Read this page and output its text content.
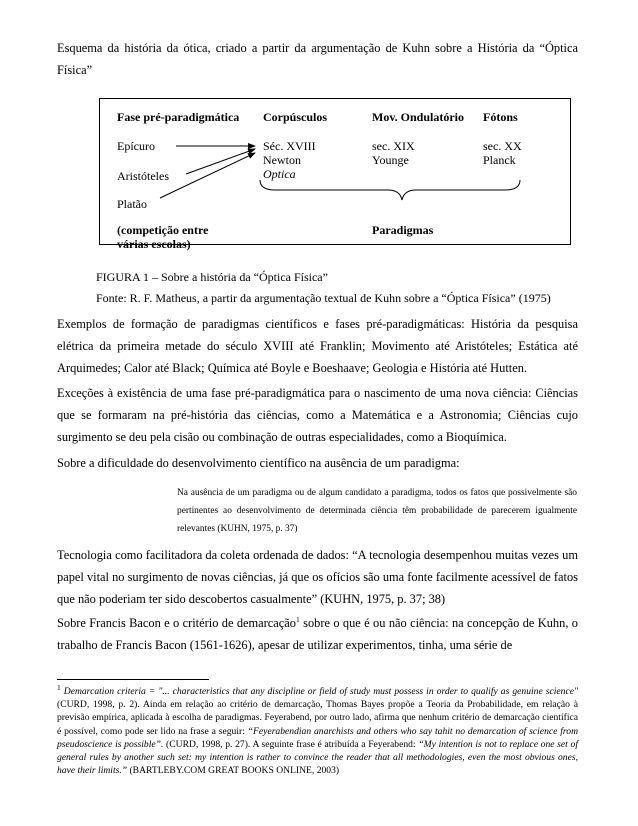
Esquema da história da ótica, criado a partir da argumentação de Kuhn sobre a História da “Óptica
Física”
Fase pré-paradigmática Corpúsculos	Mov. Ondulatório Fótons
Epícuro
Aristóteles
Platão
(competição entre
várias escolas)
Séc. XVIII
Newton
Optica
sec. XIX
Younge
sec. XX
Planck
Paradigmas
FIGURA 1 – Sobre a história da “Óptica Física”
Fonte: R. F. Matheus, a partir da argumentação textual de Kuhn sobre a “Óptica Física” (1975)

Exemplos de formação de paradigmas científicos e fases pré-paradigmáticas: História da pesquisa elétrica da primeira metade do século XVIII até Franklin; Movimento até Aristóteles; Estática até Arquimedes; Calor até Black; Química até Boyle e Boeshaave; Geologia e História até Hutten.

Exceções à existência de uma fase pré-paradigmática para o nascimento de uma nova ciência: Ciências que se formaram na pré-história das ciências, como a Matemática e a Astronomia; Ciências cujo surgimento se deu pela cisão ou combinação de outras especialidades, como a Bioquímica.

Sobre a dificuldade do desenvolvimento científico na ausência de um paradigma:

Na ausência de um paradigma ou de algum candidato a paradigma, todos os fatos que possivelmente são pertinentes ao desenvolvimento de determinada ciência têm probabilidade de parecerem igualmente relevantes (KUHN, 1975, p. 37)

Tecnologia como facilitadora da coleta ordenada de dados: “A tecnologia desempenhou muitas vezes um papel vital no surgimento de novas ciências, já que os ofícios são uma fonte facilmente acessível de fatos que não poderiam ter sido descobertos casualmente” (KUHN, 1975, p. 37; 38)

Sobre Francis Bacon e o critério de demarcação$^1$ sobre o que é ou não ciência: na concepção de Kuhn, o trabalho de Francis Bacon (1561-1626), apesar de utilizar experimentos, tinha, uma série de

$^1$ Demarcation criteria = "... characteristics that any discipline or field of study must possess in order to qualify as genuine science" (CURD, 1998, p. 2). Ainda em relação ao critério de demarcação, Thomas Bayes propõe a Teoria da Probabilidade, em relação à previsão empírica, aplicada à escolha de paradigmas. Feyerabend, por outro lado, afirma que nenhum critério de demarcação científica é possível, como pode ser lido na frase a seguir: “Feyerabendian anarchists and others who say tahit no demarcation of science from pseudoscience is possible”. (CURD, 1998, p. 27). A seguinte frase é atribuída a Feyerabend: “My intention is not to replace one set of general rules by another such set: my intention is rather to convince the reader that all methodologies, even the most obvious ones, have their limits.” (BARTLEBY.COM GREAT BOOKS ONLINE, 2003)
